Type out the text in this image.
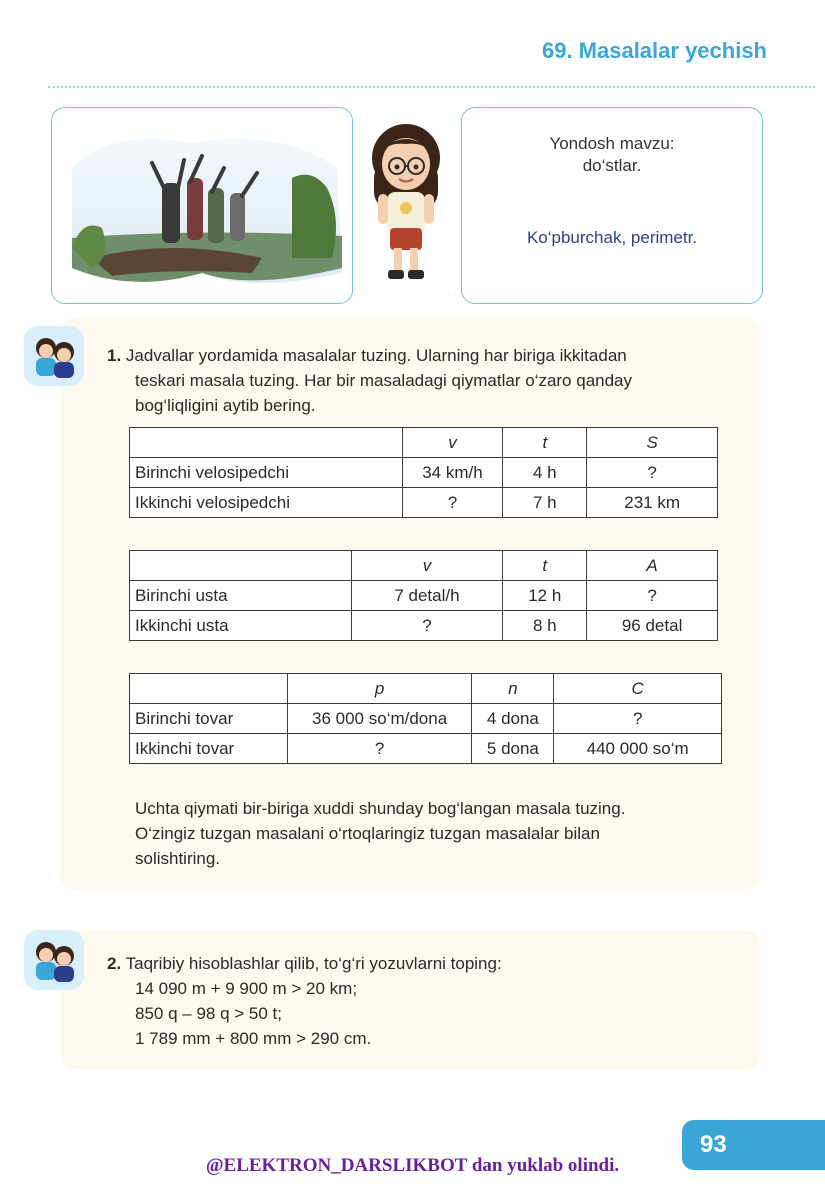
69. Masalalar yechish
Yondosh mavzu:
do‘stlar.
Ko‘pburchak, perimetr.
1. Jadvallar yordamida masalalar tuzing. Ularning har biriga ikkitadan
teskari masala tuzing. Har bir masaladagi qiymatlar o‘zaro qanday
bog‘liqligini aytib bering.
	v	t	S
Birinchi velosipedchi	34 km/h	4 h	?
Ikkinchi velosipedchi	?	7 h	231 km
	v	t	A
Birinchi usta	7 detal/h	12 h	?
Ikkinchi usta	?	8 h	96 detal
	p	n	C
Birinchi tovar	36 000 so‘m/dona	4 dona	?
Ikkinchi tovar	?	5 dona	440 000 so‘m
Uchta qiymati bir-biriga xuddi shunday bog‘langan masala tuzing.
O‘zingiz tuzgan masalani o‘rtoqlaringiz tuzgan masalalar bilan
solishtiring.
2. Taqribiy hisoblashlar qilib, to‘g‘ri yozuvlarni toping:
14 090 m + 9 900 m > 20 km;
850 q – 98 q > 50 t;
1 789 mm + 800 mm > 290 cm.
93
@ELEKTRON_DARSLIKBOT dan yuklab olindi.
